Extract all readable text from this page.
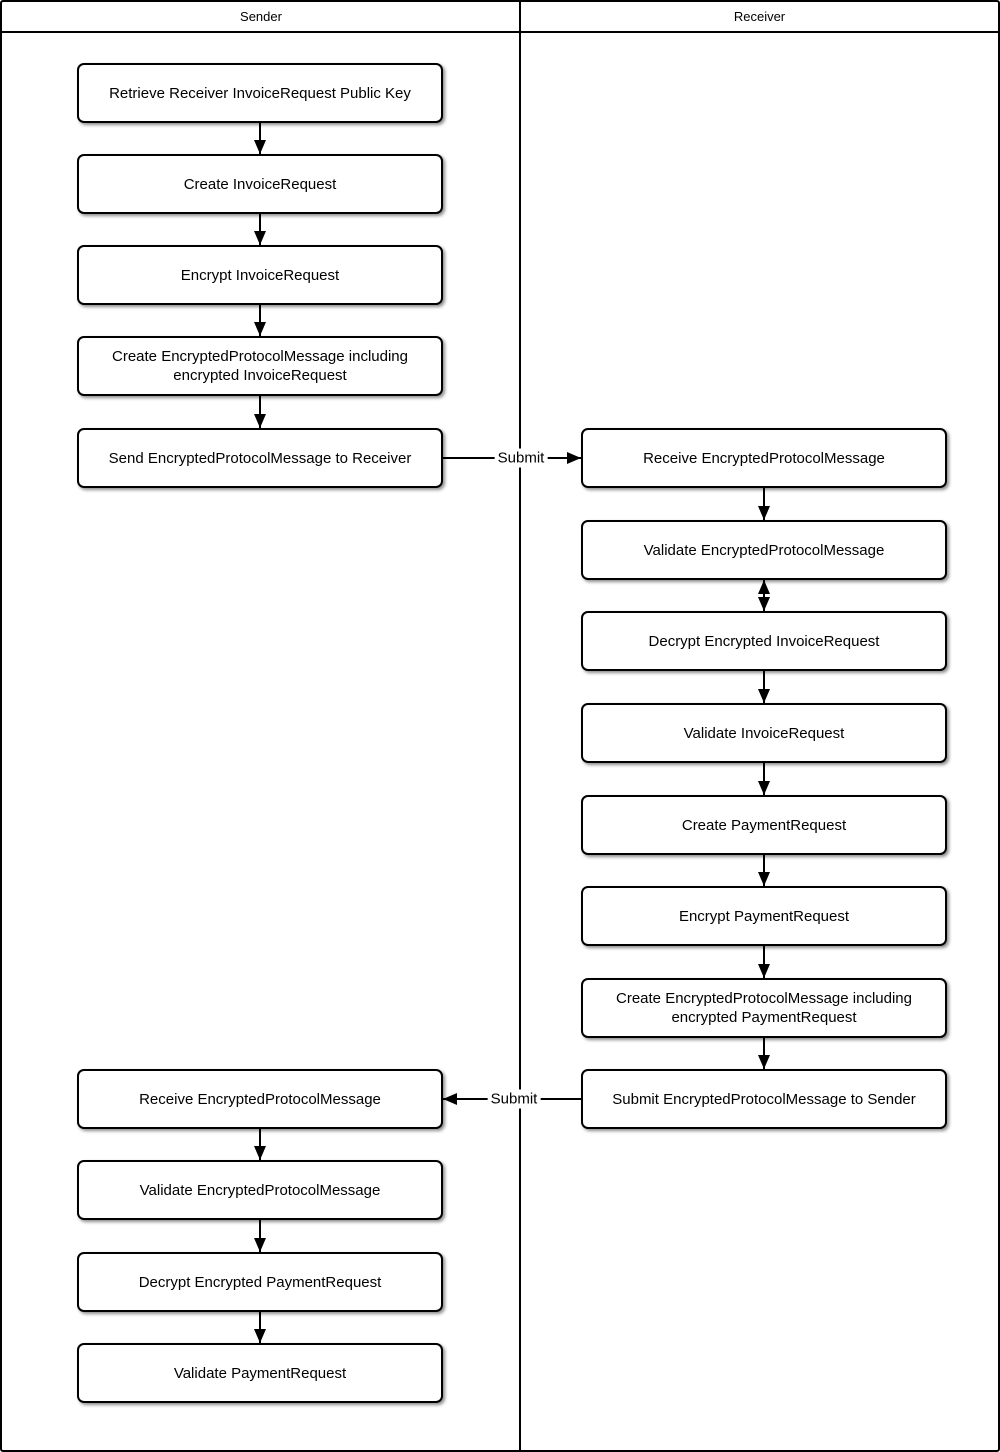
Sender	Receiver
Retrieve Receiver InvoiceRequest Public Key
Create InvoiceRequest
Encrypt InvoiceRequest
Create EncryptedProtocolMessage including encrypted InvoiceRequest
Send EncryptedProtocolMessage to Receiver
Receive EncryptedProtocolMessage
Validate EncryptedProtocolMessage
Decrypt Encrypted PaymentRequest
Validate PaymentRequest
Receive EncryptedProtocolMessage
Validate EncryptedProtocolMessage
Decrypt Encrypted InvoiceRequest
Validate InvoiceRequest
Create PaymentRequest
Encrypt PaymentRequest
Create EncryptedProtocolMessage including encrypted PaymentRequest
Submit EncryptedProtocolMessage to Sender
Submit
Submit
